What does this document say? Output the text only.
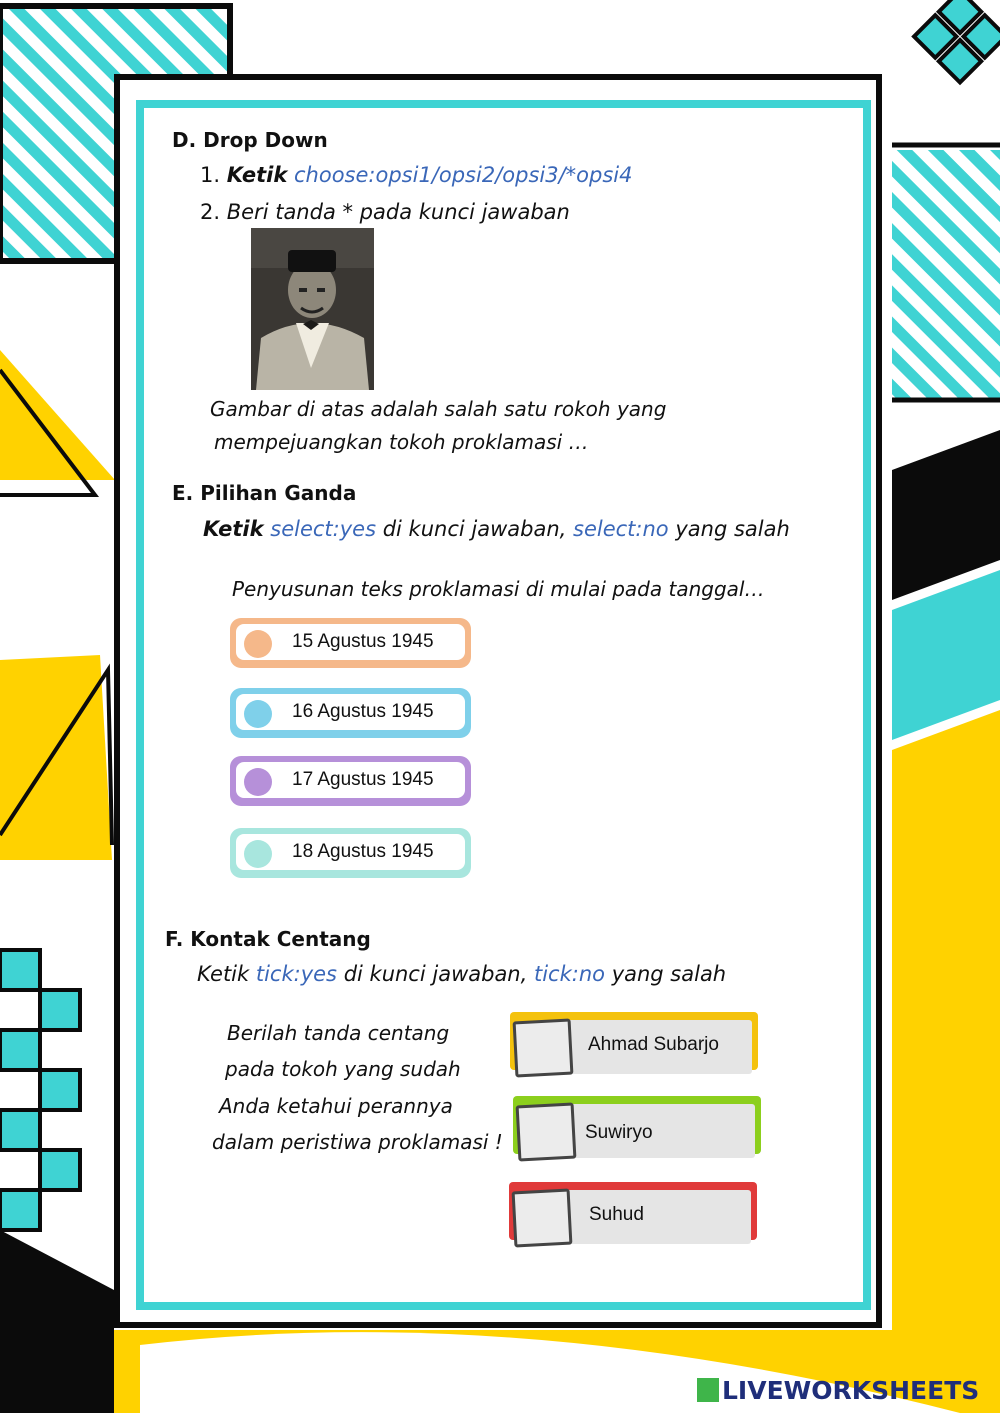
D. Drop Down
1. Ketik choose:opsi1/opsi2/opsi3/*opsi4
2. Beri tanda * pada kunci jawaban
Gambar di atas adalah salah satu rokoh yang
mempejuangkan tokoh proklamasi …
E. Pilihan Ganda
Ketik select:yes di kunci jawaban, select:no yang salah
Penyusunan teks proklamasi di mulai pada tanggal…
15 Agustus 1945
16 Agustus 1945
17 Agustus 1945
18 Agustus 1945
F. Kontak Centang
Ketik tick:yes di kunci jawaban, tick:no yang salah
Berilah tanda centang
pada tokoh yang sudah
Anda ketahui perannya
dalam peristiwa proklamasi !
Ahmad Subarjo
Suwiryo
Suhud
LIVEWORKSHEETS
